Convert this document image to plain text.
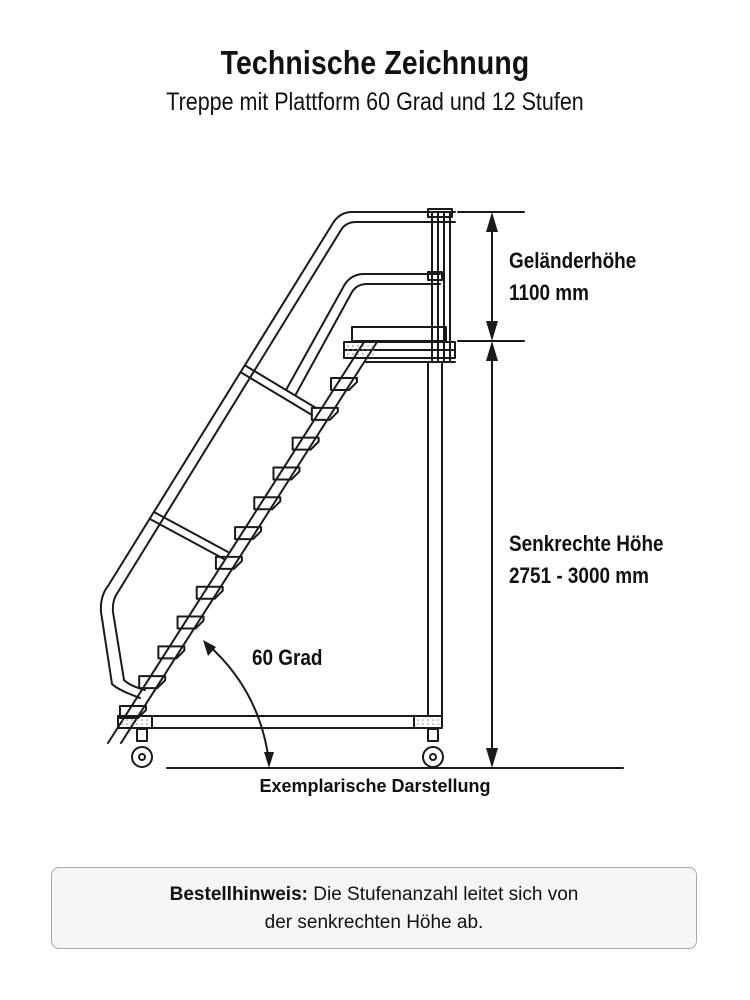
Technische Zeichnung
Treppe mit Plattform 60 Grad und 12 Stufen
Geländerhöhe
1100 mm
Senkrechte Höhe
2751 - 3000 mm
60 Grad
Exemplarische Darstellung
Bestellhinweis: Die Stufenanzahl leitet sich von
der senkrechten Höhe ab.
